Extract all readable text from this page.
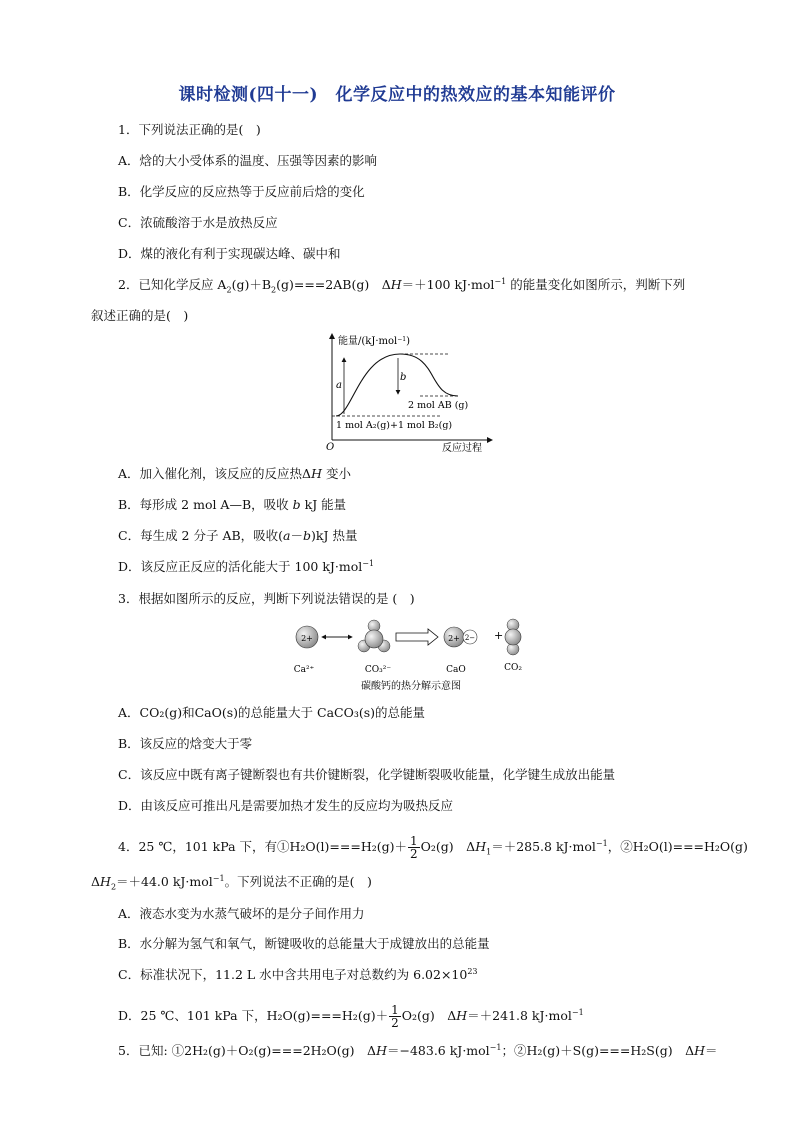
课时检测(四十一)　化学反应中的热效应的基本知能评价
1．下列说法正确的是(　)
A．焓的大小受体系的温度、压强等因素的影响
B．化学反应的反应热等于反应前后焓的变化
C．浓硫酸溶于水是放热反应
D．煤的液化有利于实现碳达峰、碳中和
2．已知化学反应 $A_2(g)+B_2(g)===2AB(g)$　ΔH＝＋100 kJ·mol$^{-1}$ 的能量变化如图所示，判断下列
叙述正确的是(　)
能量/(kJ·mol$^{-1}$)
O	反应过程
a
b
2 mol AB (g)
1 mol A₂(g)+1 mol B₂(g)
A．加入催化剂，该反应的反应热ΔH 变小
B．每形成 2 mol A—B，吸收 b kJ 能量
C．每生成 2 分子 AB，吸收(a－b)kJ 热量
D．该反应正反应的活化能大于 100 kJ·mol$^{-1}$
3．根据如图所示的反应，判断下列说法错误的是 (　)
2+	2+ 2− +
Ca²⁺	CO₃²⁻	CaO	CO₂
碳酸钙的热分解示意图
A．CO₂(g)和CaO(s)的总能量大于 CaCO₃(s)的总能量
B．该反应的焓变大于零
C．该反应中既有离子键断裂也有共价键断裂，化学键断裂吸收能量，化学键生成放出能量
D．由该反应可推出凡是需要加热才发生的反应均为吸热反应
4．25 ℃，101 kPa 下，有①H₂O(l)===H₂(g)＋ $\frac{1}{2} O_2(g)$　$\Delta H_1=+285.8$ kJ·mol$^{-1}$，②H₂O(l)===H₂O(g)
$\Delta H_2=+44.0$ kJ·mol$^{-1}$。下列说法不正确的是(　)
A．液态水变为水蒸气破坏的是分子间作用力
B．水分解为氢气和氧气，断键吸收的总能量大于成键放出的总能量
C．标准状况下，11.2 L 水中含共用电子对总数约为 $6.02\times 10^{23}$
D．25 ℃、101 kPa 下，$H_2O(g)===H_2(g)+ \frac{1}{2} O_2(g)$　ΔH＝＋241.8 kJ·mol$^{-1}$
5．已知: ①2H₂(g)＋O₂(g)===2H₂O(g)　ΔH＝−483.6 kJ·mol$^{-1}$；②H₂(g)＋S(g)===H₂S(g)　ΔH＝
